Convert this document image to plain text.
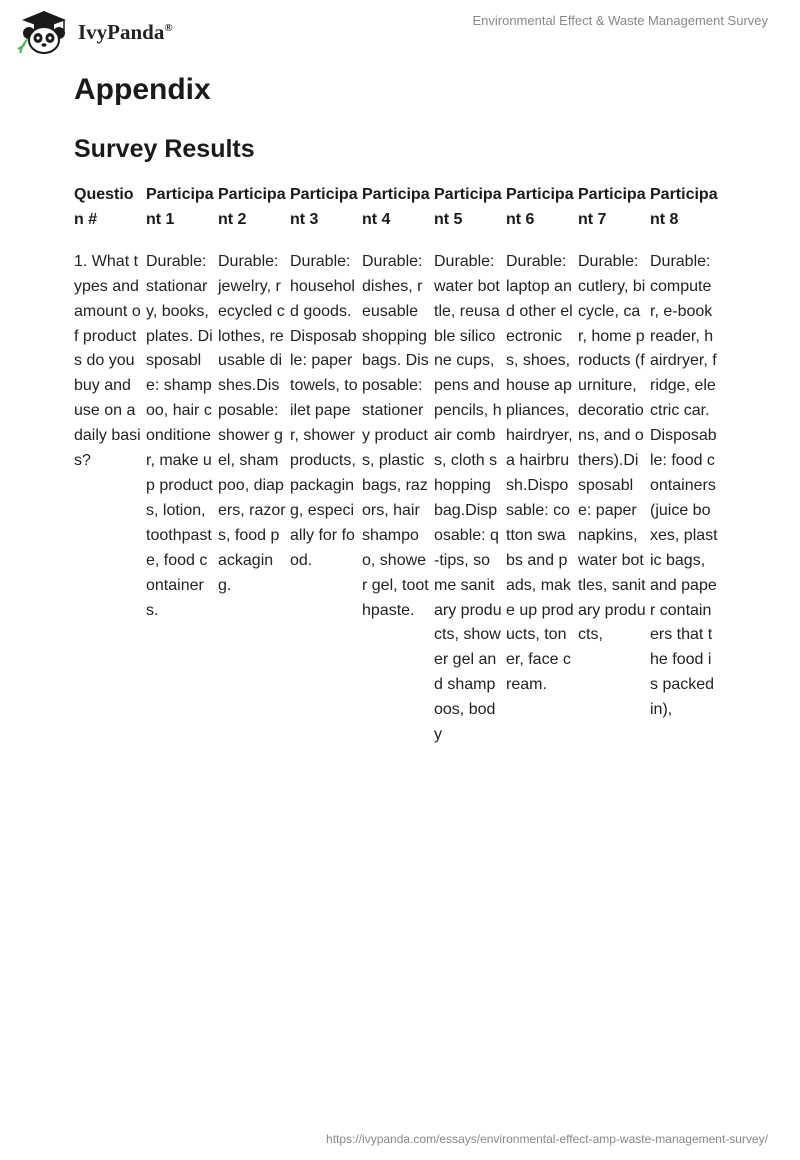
IvyPanda®	Environmental Effect & Waste Management Survey
Appendix
Survey Results
Question #	Participant 1	Participant 2	Participant 3	Participant 4	Participant 5	Participant 6	Participant 7	Participant 8
1. What types and amount of products do you buy and use on a daily basis?	Durable: stationary, books, plates. Disposable: shampoo, hair conditioner, make up products, lotion, toothpaste, food containers.	Durable: jewelry, recycled clothes, reusable dishes.Disposable: shower gel, shampoo, diapers, razors, food packaging.	Durable: household goods.Disposable: paper towels, toilet paper, shower products, packaging, especially for food.	Durable: dishes, reusable shopping bags. Disposable: stationery products, plastic bags, razors, hair shampoo, shower gel, toothpaste.	Durable: water bottle, reusable silicone cups, pens and pencils, hair combs, cloth shopping bag.Disposable: q-tips, some sanitary products, shower gel and shampoos, body	Durable: laptop and other electronics, shoes, house appliances, hairdryer, a hairbrush.Disposable: cotton swabs and pads, make up products, toner, face cream.	Durable: cutlery, bicycle, car, home products (furniture, decorations, and others).Disposable: paper napkins, water bottles, sanitary products,	Durable: computer, e-book reader, hairdryer, fridge, electric car.Disposable: food containers (juice boxes, plastic bags, and paper containers that the food is packed in),
https://ivypanda.com/essays/environmental-effect-amp-waste-management-survey/
